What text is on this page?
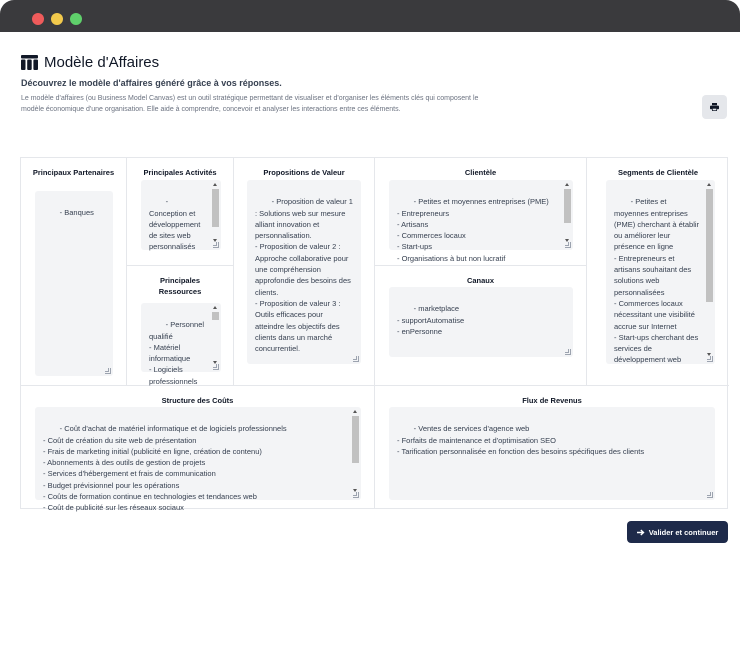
Modèle d'Affaires
Découvrez le modèle d'affaires généré grâce à vos réponses.
Le modèle d'affaires (ou Business Model Canvas) est un outil stratégique permettant de visualiser et d'organiser les éléments clés qui composent le modèle économique d'une organisation. Elle aide à comprendre, concevoir et analyser les interactions entre ces éléments.
Principaux Partenaires

- Banques

Principales Activités

- Conception et développement de sites web personnalisés

Principales Ressources

- Personnel qualifié
- Matériel informatique
- Logiciels professionnels

Propositions de Valeur

- Proposition de valeur 1 : Solutions web sur mesure alliant innovation et personnalisation.
- Proposition de valeur 2 : Approche collaborative pour une compréhension approfondie des besoins des clients.
- Proposition de valeur 3 : Outils efficaces pour atteindre les objectifs des clients dans un marché concurrentiel.

Clientèle

- Petites et moyennes entreprises (PME)
- Entrepreneurs
- Artisans
- Commerces locaux
- Start-ups
- Organisations à but non lucratif

Canaux

- marketplace
- supportAutomatise
- enPersonne

Segments de Clientèle

- Petites et moyennes entreprises (PME) cherchant à établir ou améliorer leur présence en ligne
- Entrepreneurs et artisans souhaitant des solutions web personnalisées
- Commerces locaux nécessitant une visibilité accrue sur Internet
- Start-ups cherchant des services de développement web

Structure des Coûts

- Coût d'achat de matériel informatique et de logiciels professionnels
- Coût de création du site web de présentation
- Frais de marketing initial (publicité en ligne, création de contenu)
- Abonnements à des outils de gestion de projets
- Services d'hébergement et frais de communication
- Budget prévisionnel pour les opérations
- Coûts de formation continue en technologies et tendances web
- Coût de publicité sur les réseaux sociaux

Flux de Revenus

- Ventes de services d'agence web
- Forfaits de maintenance et d'optimisation SEO
- Tarification personnalisée en fonction des besoins spécifiques des clients

Valider et continuer
